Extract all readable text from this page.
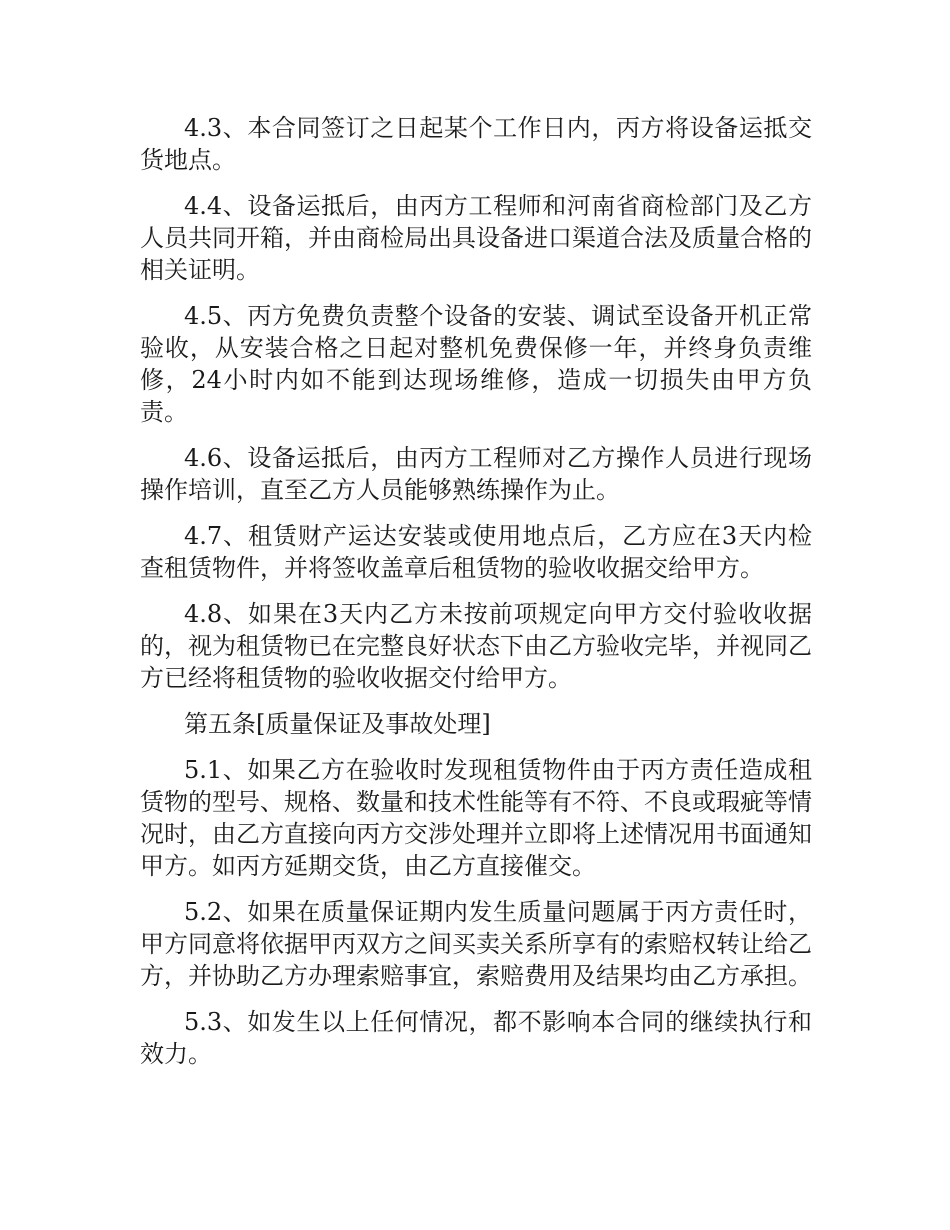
4.3、本合同签订之日起某个工作日内，丙方将设备运抵交货地点。

4.4、设备运抵后，由丙方工程师和河南省商检部门及乙方人员共同开箱，并由商检局出具设备进口渠道合法及质量合格的相关证明。

4.5、丙方免费负责整个设备的安装、调试至设备开机正常验收，从安装合格之日起对整机免费保修一年，并终身负责维修，24小时内如不能到达现场维修，造成一切损失由甲方负责。

4.6、设备运抵后，由丙方工程师对乙方操作人员进行现场操作培训，直至乙方人员能够熟练操作为止。

4.7、租赁财产运达安装或使用地点后，乙方应在3天内检查租赁物件，并将签收盖章后租赁物的验收收据交给甲方。

4.8、如果在3天内乙方未按前项规定向甲方交付验收收据的，视为租赁物已在完整良好状态下由乙方验收完毕，并视同乙方已经将租赁物的验收收据交付给甲方。

第五条[质量保证及事故处理]

5.1、如果乙方在验收时发现租赁物件由于丙方责任造成租赁物的型号、规格、数量和技术性能等有不符、不良或瑕疵等情况时，由乙方直接向丙方交涉处理并立即将上述情况用书面通知甲方。如丙方延期交货，由乙方直接催交。

5.2、如果在质量保证期内发生质量问题属于丙方责任时，甲方同意将依据甲丙双方之间买卖关系所享有的索赔权转让给乙方，并协助乙方办理索赔事宜，索赔费用及结果均由乙方承担。

5.3、如发生以上任何情况，都不影响本合同的继续执行和效力。
